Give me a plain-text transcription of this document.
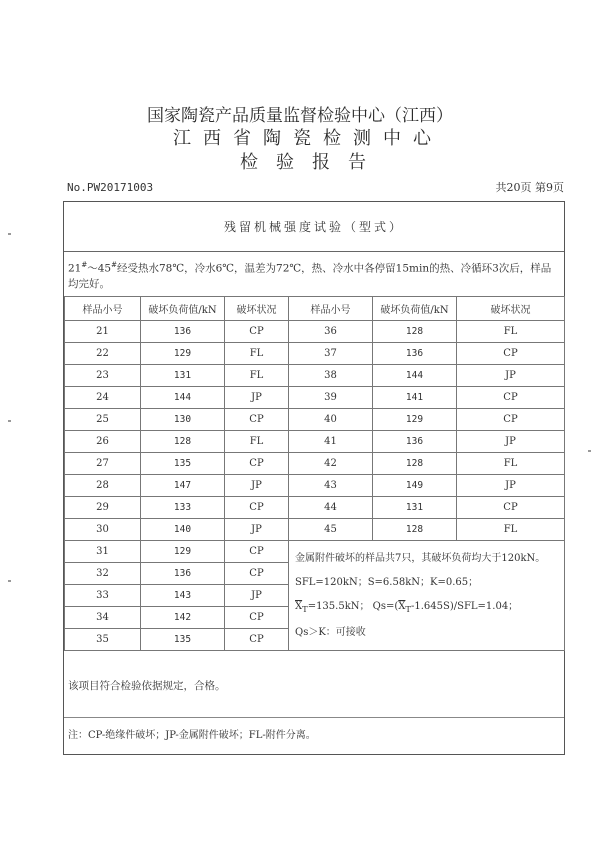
国家陶瓷产品质量监督检验中心（江西）
江西省陶瓷检测中心
检验报告
No.PW20171003	共20页 第9页
残留机械强度试验（型式）
21#～45#经受热水78℃，冷水6℃，温差为72℃，热、冷水中各停留15min的热、冷循环3次后，样品均完好。
样品小号	破坏负荷值/kN	破坏状况	样品小号	破坏负荷值/kN	破坏状况
21	136	CP	36	128	FL
22	129	FL	37	136	CP
23	131	FL	38	144	JP
24	144	JP	39	141	CP
25	130	CP	40	129	CP
26	128	FL	41	136	JP
27	135	CP	42	128	FL
28	147	JP	43	149	JP
29	133	CP	44	131	CP
30	140	JP	45	128	FL
31	129	CP	金属附件破坏的样品共7只，其破坏负荷均大于120kN。
SFL=120kN；S=6.58kN；K=0.65；
$\overline{X}_T=135.5kN$； $Qs=(\overline{X}_T-1.645S)/SFL=1.04$；
Qs＞K：可接收		

32	136	CP			
33	143	JP			
34	142	CP			
35	135	CP			
该项目符合检验依据规定，合格。
注：CP-绝缘件破坏；JP-金属附件破坏；FL-附件分离。
